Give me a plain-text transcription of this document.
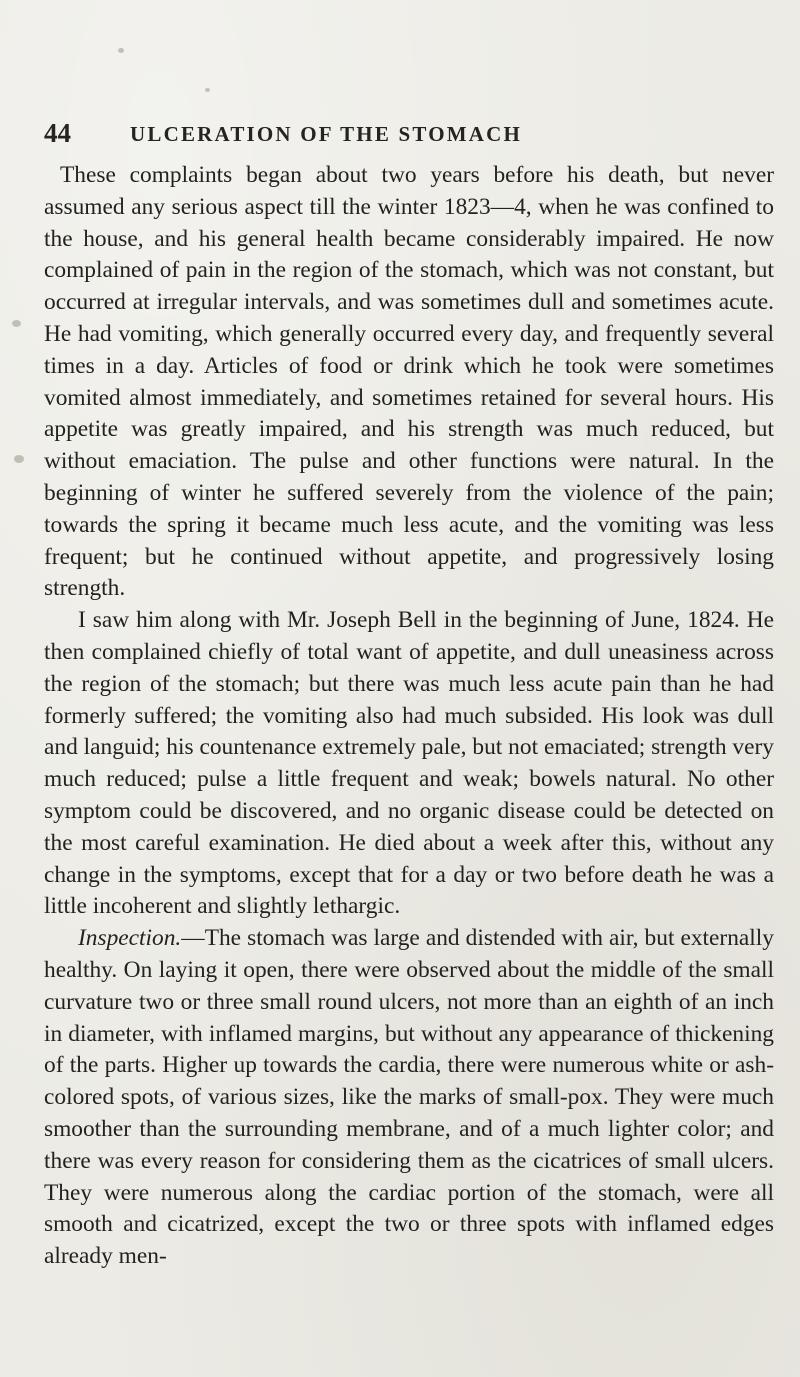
44	ULCERATION OF THE STOMACH

These complaints began about two years before his death, but never assumed any serious aspect till the winter 1823—4, when he was confined to the house, and his general health became considerably impaired. He now complained of pain in the region of the stomach, which was not constant, but occurred at irregular intervals, and was sometimes dull and sometimes acute. He had vomiting, which generally occurred every day, and frequently several times in a day. Articles of food or drink which he took were sometimes vomited almost immediately, and sometimes retained for several hours. His appetite was greatly impaired, and his strength was much reduced, but without emaciation. The pulse and other functions were natural. In the beginning of winter he suffered severely from the violence of the pain; towards the spring it became much less acute, and the vomiting was less frequent; but he continued without appetite, and progressively losing strength.

I saw him along with Mr. Joseph Bell in the beginning of June, 1824. He then complained chiefly of total want of appetite, and dull uneasiness across the region of the stomach; but there was much less acute pain than he had formerly suffered; the vomiting also had much subsided. His look was dull and languid; his countenance extremely pale, but not emaciated; strength very much reduced; pulse a little frequent and weak; bowels natural. No other symptom could be discovered, and no organic disease could be detected on the most careful examination. He died about a week after this, without any change in the symptoms, except that for a day or two before death he was a little incoherent and slightly lethargic.

Inspection.—The stomach was large and distended with air, but externally healthy. On laying it open, there were observed about the middle of the small curvature two or three small round ulcers, not more than an eighth of an inch in diameter, with inflamed margins, but without any appearance of thickening of the parts. Higher up towards the cardia, there were numerous white or ash-colored spots, of various sizes, like the marks of small-pox. They were much smoother than the surrounding membrane, and of a much lighter color; and there was every reason for considering them as the cicatrices of small ulcers. They were numerous along the cardiac portion of the stomach, were all smooth and cicatrized, except the two or three spots with inflamed edges already men-
